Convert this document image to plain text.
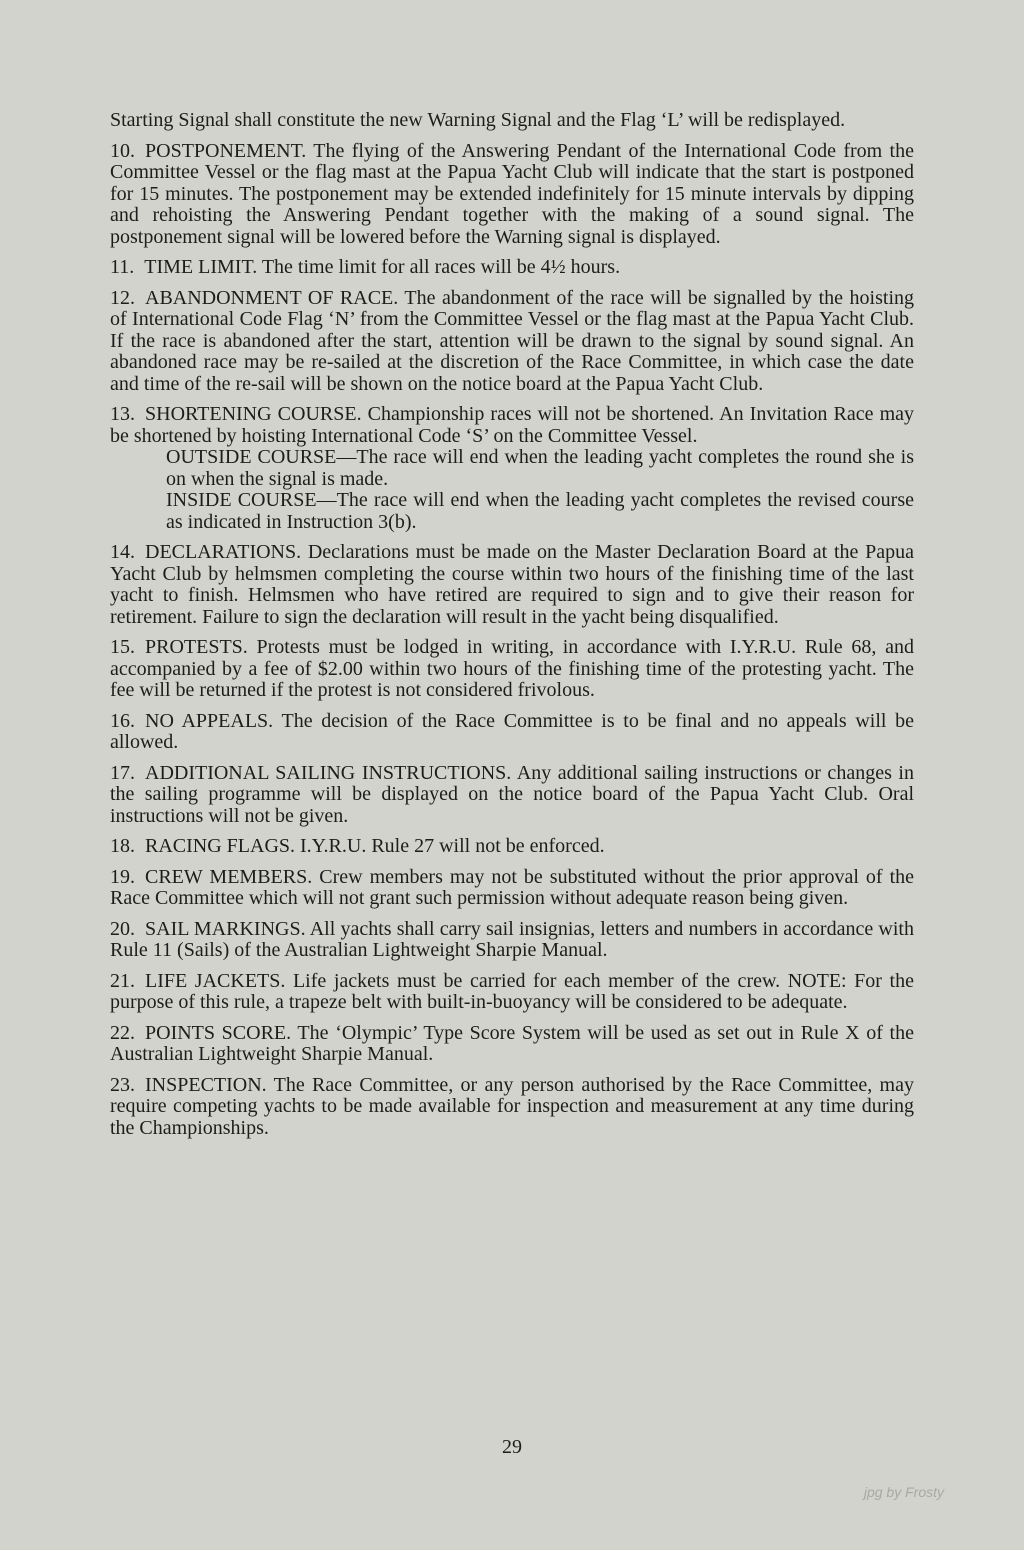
Starting Signal shall constitute the new Warning Signal and the Flag ‘L’ will be redisplayed.

10. POSTPONEMENT. The flying of the Answering Pendant of the International Code from the Committee Vessel or the flag mast at the Papua Yacht Club will indicate that the start is postponed for 15 minutes. The postponement may be extended indefinitely for 15 minute intervals by dipping and rehoisting the Answering Pendant together with the making of a sound signal. The postponement signal will be lowered before the Warning signal is displayed.

11. TIME LIMIT. The time limit for all races will be 4½ hours.

12. ABANDONMENT OF RACE. The abandonment of the race will be signalled by the hoisting of International Code Flag ‘N’ from the Committee Vessel or the flag mast at the Papua Yacht Club. If the race is abandoned after the start, attention will be drawn to the signal by sound signal. An abandoned race may be re-sailed at the discretion of the Race Committee, in which case the date and time of the re-sail will be shown on the notice board at the Papua Yacht Club.

13. SHORTENING COURSE. Championship races will not be shortened. An Invitation Race may be shortened by hoisting International Code ‘S’ on the Committee Vessel.

OUTSIDE COURSE—The race will end when the leading yacht completes the round she is on when the signal is made.

INSIDE COURSE—The race will end when the leading yacht completes the revised course as indicated in Instruction 3(b).

14. DECLARATIONS. Declarations must be made on the Master Declaration Board at the Papua Yacht Club by helmsmen completing the course within two hours of the finishing time of the last yacht to finish. Helmsmen who have retired are required to sign and to give their reason for retirement. Failure to sign the declaration will result in the yacht being disqualified.

15. PROTESTS. Protests must be lodged in writing, in accordance with I.Y.R.U. Rule 68, and accompanied by a fee of $2.00 within two hours of the finishing time of the protesting yacht. The fee will be returned if the protest is not considered frivolous.

16. NO APPEALS. The decision of the Race Committee is to be final and no appeals will be allowed.

17. ADDITIONAL SAILING INSTRUCTIONS. Any additional sailing instructions or changes in the sailing programme will be displayed on the notice board of the Papua Yacht Club. Oral instructions will not be given.

18. RACING FLAGS. I.Y.R.U. Rule 27 will not be enforced.

19. CREW MEMBERS. Crew members may not be substituted without the prior approval of the Race Committee which will not grant such permission without adequate reason being given.

20. SAIL MARKINGS. All yachts shall carry sail insignias, letters and numbers in accordance with Rule 11 (Sails) of the Australian Lightweight Sharpie Manual.

21. LIFE JACKETS. Life jackets must be carried for each member of the crew. NOTE: For the purpose of this rule, a trapeze belt with built-in-buoyancy will be considered to be adequate.

22. POINTS SCORE. The ‘Olympic’ Type Score System will be used as set out in Rule X of the Australian Lightweight Sharpie Manual.

23. INSPECTION. The Race Committee, or any person authorised by the Race Committee, may require competing yachts to be made available for inspection and measurement at any time during the Championships.

29
jpg by Frosty
